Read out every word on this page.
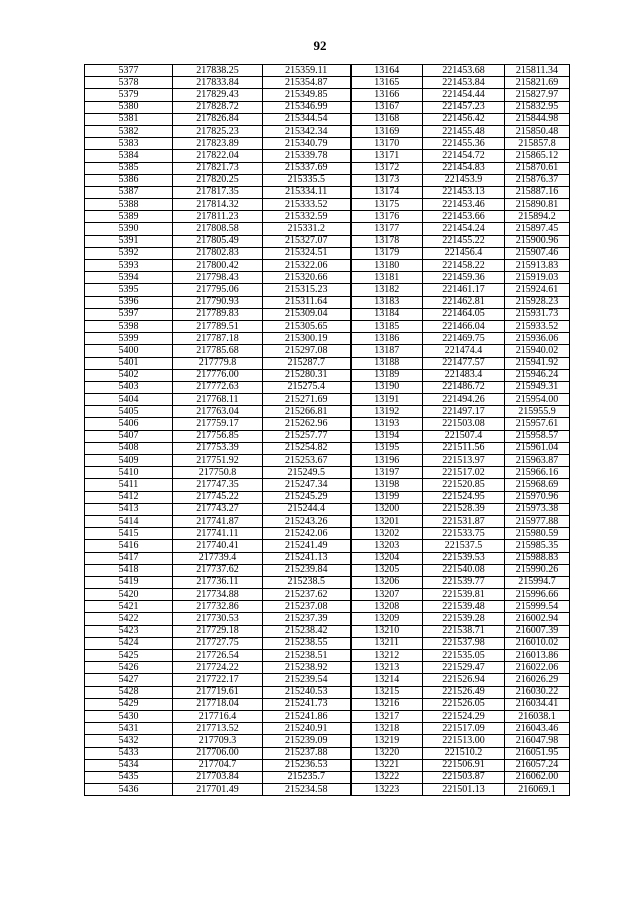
92
5377	217838.25	215359.11	13164	221453.68	215811.34
5378	217833.84	215354.87	13165	221453.84	215821.69
5379	217829.43	215349.85	13166	221454.44	215827.97
5380	217828.72	215346.99	13167	221457.23	215832.95
5381	217826.84	215344.54	13168	221456.42	215844.98
5382	217825.23	215342.34	13169	221455.48	215850.48
5383	217823.89	215340.79	13170	221455.36	215857.8
5384	217822.04	215339.78	13171	221454.72	215865.12
5385	217821.73	215337.69	13172	221454.83	215870.61
5386	217820.25	215335.5	13173	221453.9	215876.37
5387	217817.35	215334.11	13174	221453.13	215887.16
5388	217814.32	215333.52	13175	221453.46	215890.81
5389	217811.23	215332.59	13176	221453.66	215894.2
5390	217808.58	215331.2	13177	221454.24	215897.45
5391	217805.49	215327.07	13178	221455.22	215900.96
5392	217802.83	215324.51	13179	221456.4	215907.46
5393	217800.42	215322.06	13180	221458.22	215913.83
5394	217798.43	215320.66	13181	221459.36	215919.03
5395	217795.06	215315.23	13182	221461.17	215924.61
5396	217790.93	215311.64	13183	221462.81	215928.23
5397	217789.83	215309.04	13184	221464.05	215931.73
5398	217789.51	215305.65	13185	221466.04	215933.52
5399	217787.18	215300.19	13186	221469.75	215936.06
5400	217785.68	215297.08	13187	221474.4	215940.02
5401	217779.8	215287.7	13188	221477.57	215941.92
5402	217776.00	215280.31	13189	221483.4	215946.24
5403	217772.63	215275.4	13190	221486.72	215949.31
5404	217768.11	215271.69	13191	221494.26	215954.00
5405	217763.04	215266.81	13192	221497.17	215955.9
5406	217759.17	215262.96	13193	221503.08	215957.61
5407	217756.85	215257.77	13194	221507.4	215958.57
5408	217753.39	215254.82	13195	221511.56	215961.04
5409	217751.92	215253.67	13196	221513.97	215963.87
5410	217750.8	215249.5	13197	221517.02	215966.16
5411	217747.35	215247.34	13198	221520.85	215968.69
5412	217745.22	215245.29	13199	221524.95	215970.96
5413	217743.27	215244.4	13200	221528.39	215973.38
5414	217741.87	215243.26	13201	221531.87	215977.88
5415	217741.11	215242.06	13202	221533.75	215980.59
5416	217740.41	215241.49	13203	221537.5	215985.35
5417	217739.4	215241.13	13204	221539.53	215988.83
5418	217737.62	215239.84	13205	221540.08	215990.26
5419	217736.11	215238.5	13206	221539.77	215994.7
5420	217734.88	215237.62	13207	221539.81	215996.66
5421	217732.86	215237.08	13208	221539.48	215999.54
5422	217730.53	215237.39	13209	221539.28	216002.94
5423	217729.18	215238.42	13210	221538.71	216007.39
5424	217727.75	215238.55	13211	221537.98	216010.02
5425	217726.54	215238.51	13212	221535.05	216013.86
5426	217724.22	215238.92	13213	221529.47	216022.06
5427	217722.17	215239.54	13214	221526.94	216026.29
5428	217719.61	215240.53	13215	221526.49	216030.22
5429	217718.04	215241.73	13216	221526.05	216034.41
5430	217716.4	215241.86	13217	221524.29	216038.1
5431	217713.52	215240.91	13218	221517.09	216043.46
5432	217709.3	215239.09	13219	221513.00	216047.98
5433	217706.00	215237.88	13220	221510.2	216051.95
5434	217704.7	215236.53	13221	221506.91	216057.24
5435	217703.84	215235.7	13222	221503.87	216062.00
5436	217701.49	215234.58	13223	221501.13	216069.1
